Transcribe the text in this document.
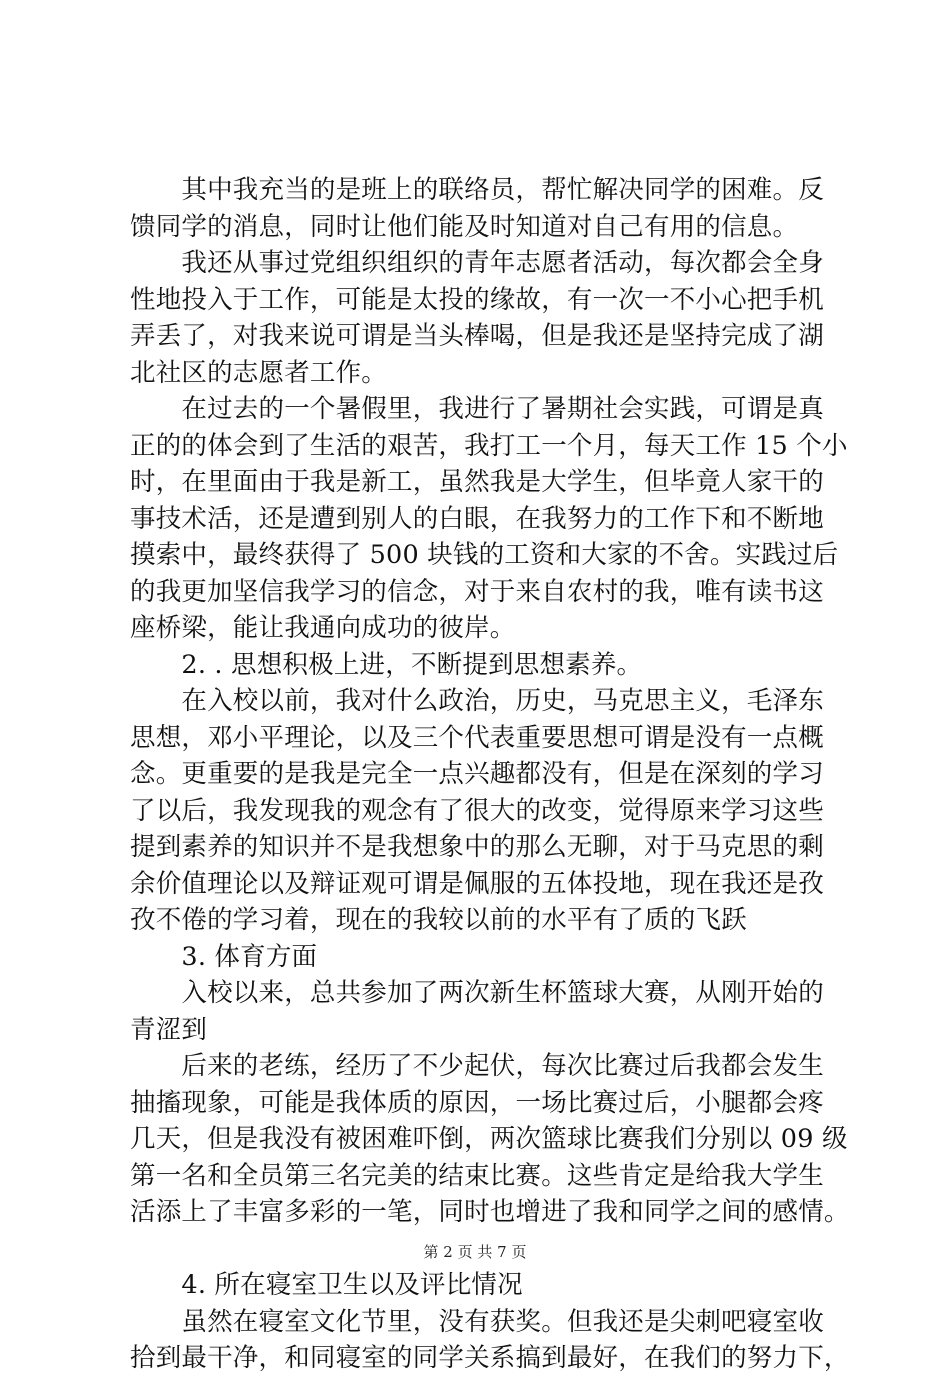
　　其中我充当的是班上的联络员，帮忙解决同学的困难。反
馈同学的消息，同时让他们能及时知道对自己有用的信息。
　　我还从事过党组织组织的青年志愿者活动，每次都会全身
性地投入于工作，可能是太投的缘故，有一次一不小心把手机
弄丢了，对我来说可谓是当头棒喝，但是我还是坚持完成了湖
北社区的志愿者工作。
　　在过去的一个暑假里，我进行了暑期社会实践，可谓是真
正的的体会到了生活的艰苦，我打工一个月，每天工作 15 个小
时，在里面由于我是新工，虽然我是大学生，但毕竟人家干的
事技术活，还是遭到别人的白眼，在我努力的工作下和不断地
摸索中，最终获得了 500 块钱的工资和大家的不舍。实践过后
的我更加坚信我学习的信念，对于来自农村的我，唯有读书这
座桥梁，能让我通向成功的彼岸。
　　2. . 思想积极上进，不断提到思想素养。
　　在入校以前，我对什么政治，历史，马克思主义，毛泽东
思想，邓小平理论，以及三个代表重要思想可谓是没有一点概
念。更重要的是我是完全一点兴趣都没有，但是在深刻的学习
了以后，我发现我的观念有了很大的改变，觉得原来学习这些
提到素养的知识并不是我想象中的那么无聊，对于马克思的剩
余价值理论以及辩证观可谓是佩服的五体投地，现在我还是孜
孜不倦的学习着，现在的我较以前的水平有了质的飞跃
　　3. 体育方面
　　入校以来，总共参加了两次新生杯篮球大赛，从刚开始的
青涩到
　　后来的老练，经历了不少起伏，每次比赛过后我都会发生
抽搐现象，可能是我体质的原因，一场比赛过后，小腿都会疼
几天，但是我没有被困难吓倒，两次篮球比赛我们分别以 09 级
第一名和全员第三名完美的结束比赛。这些肯定是给我大学生
活添上了丰富多彩的一笔，同时也增进了我和同学之间的感情。
　　4. 所在寝室卫生以及评比情况
　　虽然在寝室文化节里，没有获奖。但我还是尖刺吧寝室收
拾到最干净，和同寝室的同学关系搞到最好，在我们的努力下，
第 2 页 共 7 页
